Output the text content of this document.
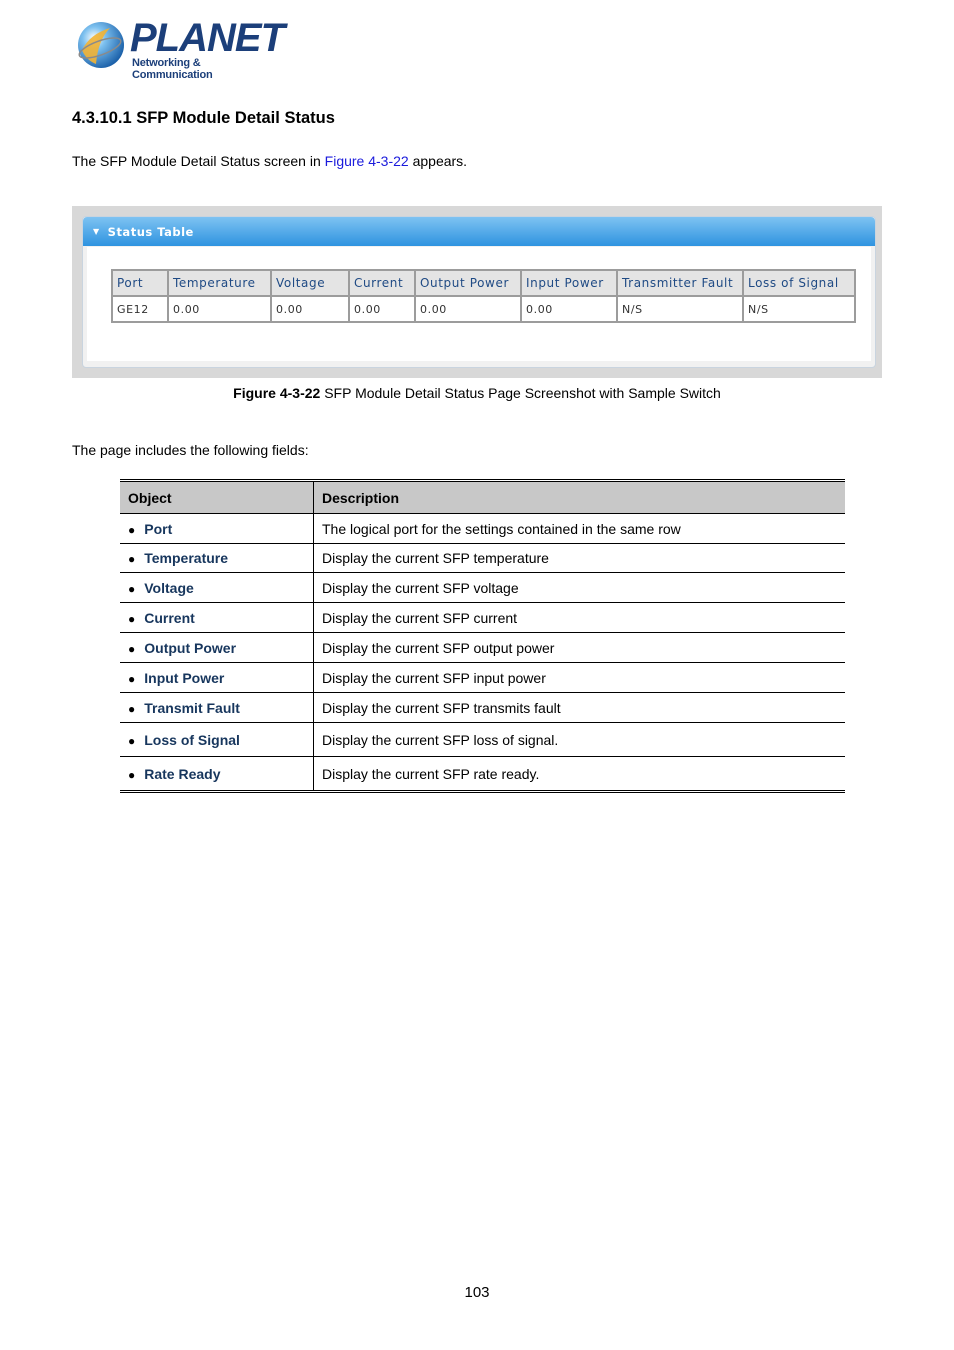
PLANET
Networking & Communication
4.3.10.1 SFP Module Detail Status
The SFP Module Detail Status screen in Figure 4-3-22 appears.
▼ Status Table
Port	Temperature	Voltage	Current	Output Power	Input Power	Transmitter Fault	Loss of Signal
GE12	0.00	0.00	0.00	0.00	0.00	N/S	N/S
Figure 4-3-22 SFP Module Detail Status Page Screenshot with Sample Switch
The page includes the following fields:
Object	Description
● Port	The logical port for the settings contained in the same row
● Temperature	Display the current SFP temperature
● Voltage	Display the current SFP voltage
● Current	Display the current SFP current
● Output Power	Display the current SFP output power
● Input Power	Display the current SFP input power
● Transmit Fault	Display the current SFP transmits fault
● Loss of Signal	Display the current SFP loss of signal.
● Rate Ready	Display the current SFP rate ready.
103
